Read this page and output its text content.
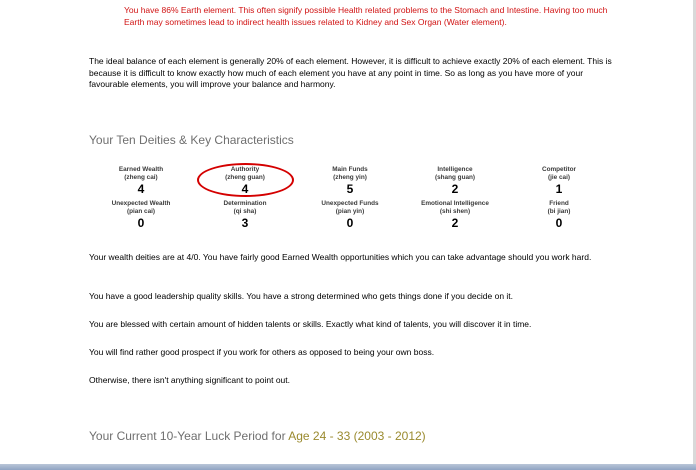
You have 86% Earth element. This often signify possible Health related problems to the Stomach and Intestine. Having too much Earth may sometimes lead to indirect health issues related to Kidney and Sex Organ (Water element).
The ideal balance of each element is generally 20% of each element. However, it is difficult to achieve exactly 20% of each element. This is because it is difficult to know exactly how much of each element you have at any point in time. So as long as you have more of your favourable elements, you will improve your balance and harmony.
Your Ten Deities & Key Characteristics
Earned Wealth
(zheng cai)
4
Authority
(zheng guan)
4
Main Funds
(zheng yin)
5
Intelligence
(shang guan)
2
Competitor
(jie cai)
1
Unexpected Wealth
(pian cai)
0
Determination
(qi sha)
3
Unexpected Funds
(pian yin)
0
Emotional Intelligence
(shi shen)
2
Friend
(bi jian)
0
Your wealth deities are at 4/0. You have fairly good Earned Wealth opportunities which you can take advantage should you work hard.
You have a good leadership quality skills. You have a strong determined who gets things done if you decide on it.
You are blessed with certain amount of hidden talents or skills. Exactly what kind of talents, you will discover it in time.
You will find rather good prospect if you work for others as opposed to being your own boss.
Otherwise, there isn't anything significant to point out.
Your Current 10-Year Luck Period for Age 24 - 33 (2003 - 2012)
